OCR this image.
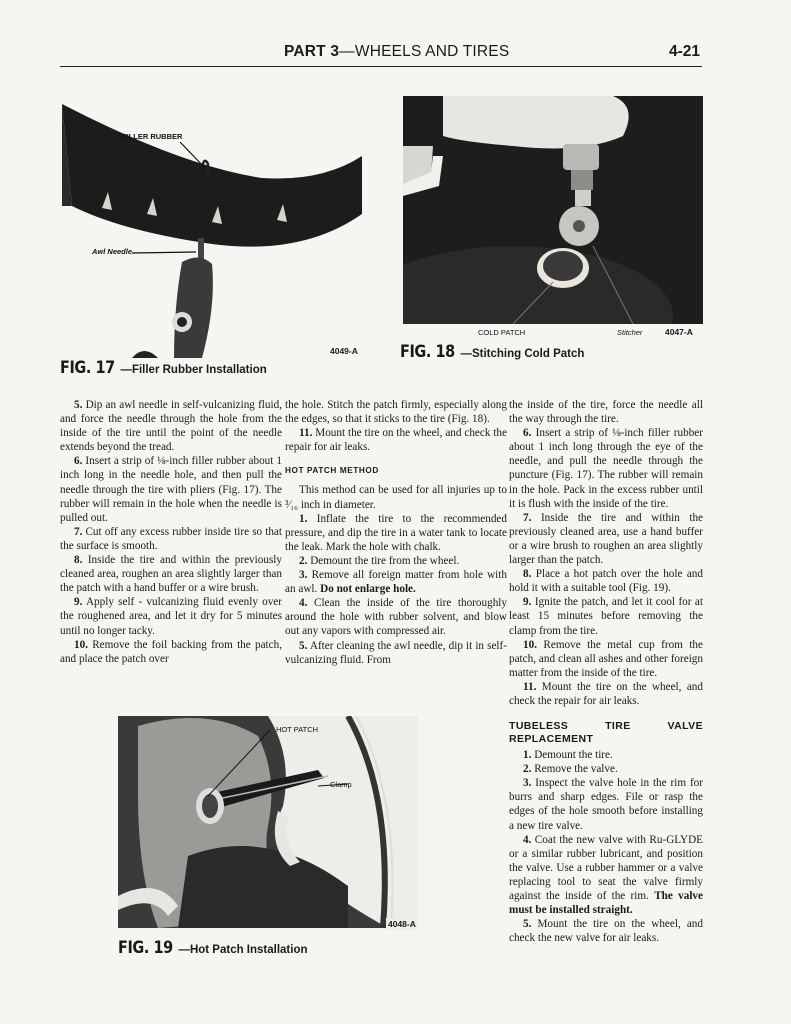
PART 3—WHEELS AND TIRES	4-21
FILLER RUBBER
Awl Needle
4049-A
FIG. 17 —Filler Rubber Installation
COLD PATCH	Stitcher	4047-A
FIG. 18 —Stitching Cold Patch

5. Dip an awl needle in self-vulcanizing fluid, and force the needle through the hole from the inside of the tire until the point of the needle extends beyond the tread.

6. Insert a strip of ⅛-inch filler rubber about 1 inch long in the needle hole, and then pull the needle through the tire with pliers (Fig. 17). The rubber will remain in the hole when the needle is pulled out.

7. Cut off any excess rubber inside tire so that the surface is smooth.

8. Inside the tire and within the previously cleaned area, roughen an area slightly larger than the patch with a hand buffer or a wire brush.

9. Apply self - vulcanizing fluid evenly over the roughened area, and let it dry for 5 minutes until no longer tacky.

10. Remove the foil backing from the patch, and place the patch over

the hole. Stitch the patch firmly, especially along the edges, so that it sticks to the tire (Fig. 18).

11. Mount the tire on the wheel, and check the repair for air leaks.

HOT PATCH METHOD

This method can be used for all injuries up to ³⁄₁₆ inch in diameter.

1. Inflate the tire to the recommended pressure, and dip the tire in a water tank to locate the leak. Mark the hole with chalk.

2. Demount the tire from the wheel.

3. Remove all foreign matter from hole with an awl. Do not enlarge hole.

4. Clean the inside of the tire thoroughly around the hole with rubber solvent, and blow out any vapors with compressed air.

5. After cleaning the awl needle, dip it in self-vulcanizing fluid. From

the inside of the tire, force the needle all the way through the tire.

6. Insert a strip of ⅛-inch filler rubber about 1 inch long through the eye of the needle, and pull the needle through the puncture (Fig. 17). The rubber will remain in the hole. Pack in the excess rubber until it is flush with the inside of the tire.

7. Inside the tire and within the previously cleaned area, use a hand buffer or a wire brush to roughen an area slightly larger than the patch.

8. Place a hot patch over the hole and hold it with a suitable tool (Fig. 19).

9. Ignite the patch, and let it cool for at least 15 minutes before removing the clamp from the tire.

10. Remove the metal cup from the patch, and clean all ashes and other foreign matter from the inside of the tire.

11. Mount the tire on the wheel, and check the repair for air leaks.

TUBELESS TIRE VALVE REPLACEMENT

1. Demount the tire.

2. Remove the valve.

3. Inspect the valve hole in the rim for burrs and sharp edges. File or rasp the edges of the hole smooth before installing a new tire valve.

4. Coat the new valve with Ru-GLYDE or a similar rubber lubricant, and position the valve. Use a rubber hammer or a valve replacing tool to seat the valve firmly against the inside of the rim. The valve must be installed straight.

5. Mount the tire on the wheel, and check the new valve for air leaks.

HOT PATCH
Clamp
4048-A
FIG. 19 —Hot Patch Installation
